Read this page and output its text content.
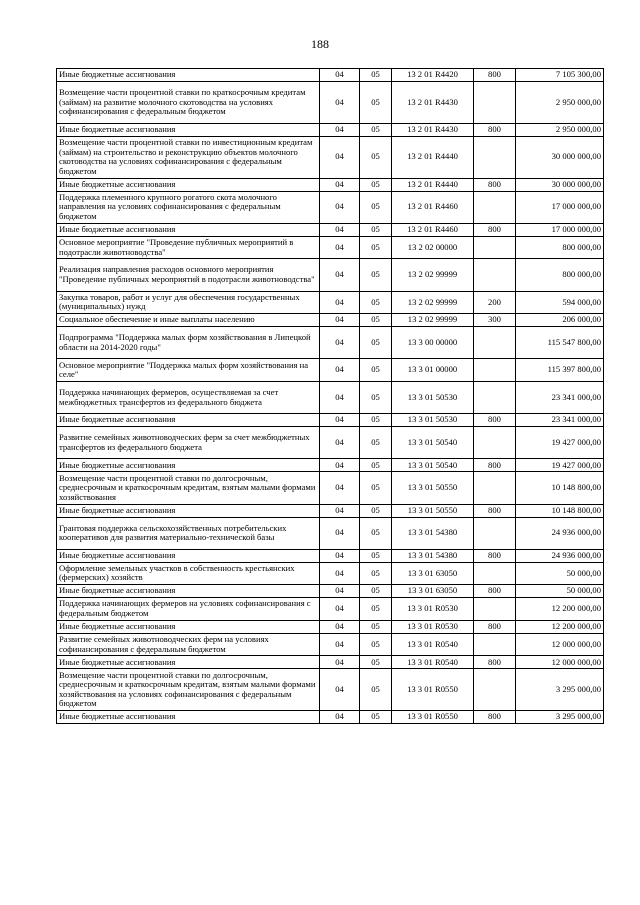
188
Иные бюджетные ассигнования	04	05	13 2 01 R4420	800	7 105 300,00
Возмещение части процентной ставки по краткосрочным кредитам (займам) на развитие молочного скотоводства на условиях софинансирования с федеральным бюджетом	04	05	13 2 01 R4430		2 950 000,00
Иные бюджетные ассигнования	04	05	13 2 01 R4430	800	2 950 000,00
Возмещение части процентной ставки по инвестиционным кредитам (займам) на строительство и реконструкцию объектов молочного скотоводства на условиях софинансирования с федеральным бюджетом	04	05	13 2 01 R4440		30 000 000,00
Иные бюджетные ассигнования	04	05	13 2 01 R4440	800	30 000 000,00
Поддержка племенного крупного рогатого скота молочного направления на условиях софинансирования с федеральным бюджетом	04	05	13 2 01 R4460		17 000 000,00
Иные бюджетные ассигнования	04	05	13 2 01 R4460	800	17 000 000,00
Основное мероприятие "Проведение публичных мероприятий в подотрасли животноводства"	04	05	13 2 02 00000		800 000,00
Реализация направления расходов основного мероприятия "Проведение публичных мероприятий в подотрасли животноводства"	04	05	13 2 02 99999		800 000,00
Закупка товаров, работ и услуг для обеспечения государственных (муниципальных) нужд	04	05	13 2 02 99999	200	594 000,00
Социальное обеспечение и иные выплаты населению	04	05	13 2 02 99999	300	206 000,00
Подпрограмма "Поддержка малых форм хозяйствования в Липецкой области на 2014-2020 годы"	04	05	13 3 00 00000		115 547 800,00
Основное мероприятие "Поддержка малых форм хозяйствования на селе"	04	05	13 3 01 00000		115 397 800,00
Поддержка начинающих фермеров, осуществляемая за счет межбюджетных трансфертов из федерального бюджета	04	05	13 3 01 50530		23 341 000,00
Иные бюджетные ассигнования	04	05	13 3 01 50530	800	23 341 000,00
Развитие семейных животноводческих ферм за счет межбюджетных трансфертов из федерального бюджета	04	05	13 3 01 50540		19 427 000,00
Иные бюджетные ассигнования	04	05	13 3 01 50540	800	19 427 000,00
Возмещение части процентной ставки по долгосрочным, среднесрочным и краткосрочным кредитам, взятым малыми формами хозяйствования	04	05	13 3 01 50550		10 148 800,00
Иные бюджетные ассигнования	04	05	13 3 01 50550	800	10 148 800,00
Грантовая поддержка сельскохозяйственных потребительских кооперативов для развития материально-технической базы	04	05	13 3 01 54380		24 936 000,00
Иные бюджетные ассигнования	04	05	13 3 01 54380	800	24 936 000,00
Оформление земельных участков в собственность крестьянских (фермерских) хозяйств	04	05	13 3 01 63050		50 000,00
Иные бюджетные ассигнования	04	05	13 3 01 63050	800	50 000,00
Поддержка начинающих фермеров на условиях софинансирования с федеральным бюджетом	04	05	13 3 01 R0530		12 200 000,00
Иные бюджетные ассигнования	04	05	13 3 01 R0530	800	12 200 000,00
Развитие семейных животноводческих ферм на условиях софинансирования с федеральным бюджетом	04	05	13 3 01 R0540		12 000 000,00
Иные бюджетные ассигнования	04	05	13 3 01 R0540	800	12 000 000,00
Возмещение части процентной ставки по долгосрочным, среднесрочным и краткосрочным кредитам, взятым малыми формами хозяйствования на условиях софинансирования с федеральным бюджетом	04	05	13 3 01 R0550		3 295 000,00
Иные бюджетные ассигнования	04	05	13 3 01 R0550	800	3 295 000,00
